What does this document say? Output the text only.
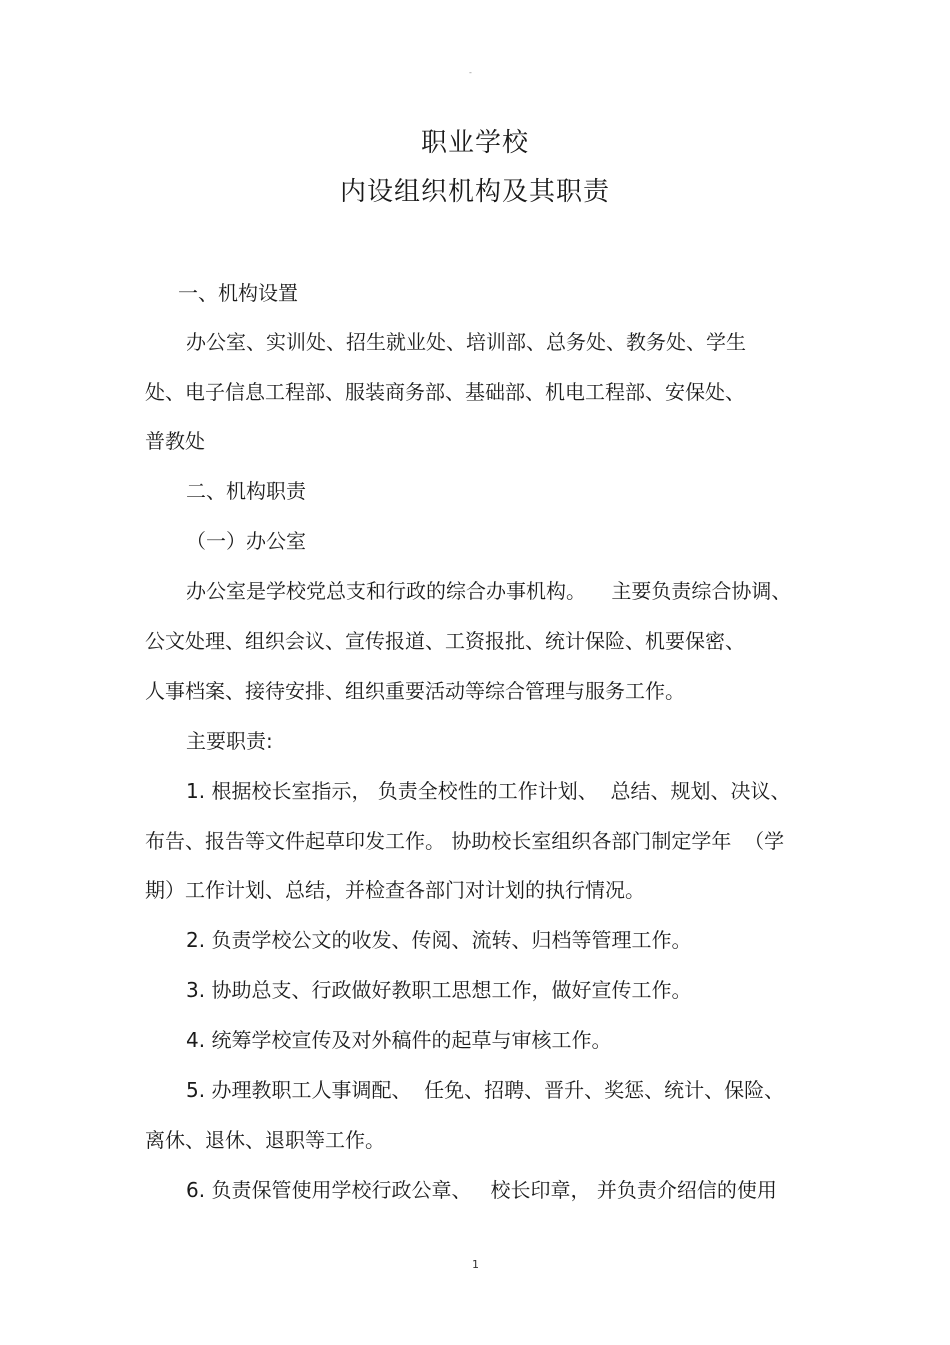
-
职业学校
内设组织机构及其职责
一、机构设置
办公室、实训处、招生就业处、培训部、总务处、教务处、学生
处、电子信息工程部、服装商务部、基础部、机电工程部、安保处、
普教处
二、机构职责
（一）办公室
办公室是学校党总支和行政的综合办事机构。    主要负责综合协调、
公文处理、组织会议、宣传报道、工资报批、统计保险、机要保密、
人事档案、接待安排、组织重要活动等综合管理与服务工作。
主要职责:
1. 根据校长室指示， 负责全校性的工作计划、  总结、规划、决议、
布告、报告等文件起草印发工作。 协助校长室组织各部门制定学年  （学
期）工作计划、总结，并检查各部门对计划的执行情况。
2. 负责学校公文的收发、传阅、流转、归档等管理工作。
3. 协助总支、行政做好教职工思想工作，做好宣传工作。
4. 统筹学校宣传及对外稿件的起草与审核工作。
5. 办理教职工人事调配、  任免、招聘、晋升、奖惩、统计、保险、
离休、退休、退职等工作。
6. 负责保管使用学校行政公章、   校长印章， 并负责介绍信的使用
1
